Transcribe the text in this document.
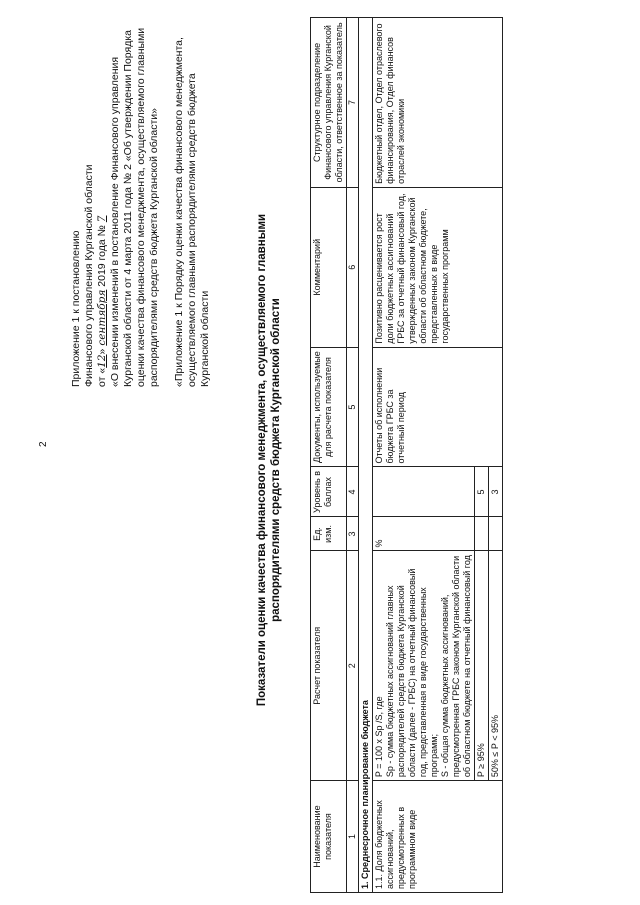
2

Приложение 1 к постановлению Финансового управления Курганской области от «12» сентября 2019 года № 7 «О внесении изменений в постановление Финансового управления Курганской области от 4 марта 2011 года № 2 «Об утверждении Порядка оценки качества финансового менеджмента, осуществляемого главными распорядителями средств бюджета Курганской области» «Приложение 1 к Порядку оценки качества финансового менеджмента, осуществляемого главными распорядителями средств бюджета Курганской области	Показатели оценки качества финансового менеджмента, осуществляемого главными распорядителями средств бюджета Курганской области
Наименование показателя	Расчет показателя	Ед. изм.	Уровень в баллах	Документы, используемые для расчета показателя	Комментарий	Структурное подразделение Финансового управления Курганской области, ответственное за показатель
1	2	3	4	5	6	7
1. Среднесрочное планирование бюджета						
1.1. Доля бюджетных ассигнований, предусмотренных в программном виде	P = 100 x Sp /S, где Sp - сумма бюджетных ассигнований главных распорядителей средств бюджета Курганской области (далее - ГРБС) на отчетный финансовый год, представленная в виде государственных программ; S - общая сумма бюджетных ассигнований, предусмотренная ГРБС законом Курганской области об областном бюджете на отчетный финансовый год	%		Отчеты об исполнении бюджета ГРБС за отчетный период	Позитивно расценивается рост доли бюджетных ассигнований ГРБС за отчетный финансовый год, утвержденных законом Курганской области об областном бюджете, представленных в виде государственных программ	Бюджетный отдел, Отдел отраслевого финансирования, Отдел финансов отраслей экономики
	P ≥ 95%		5			
	50% ≤ P < 95%		3			
